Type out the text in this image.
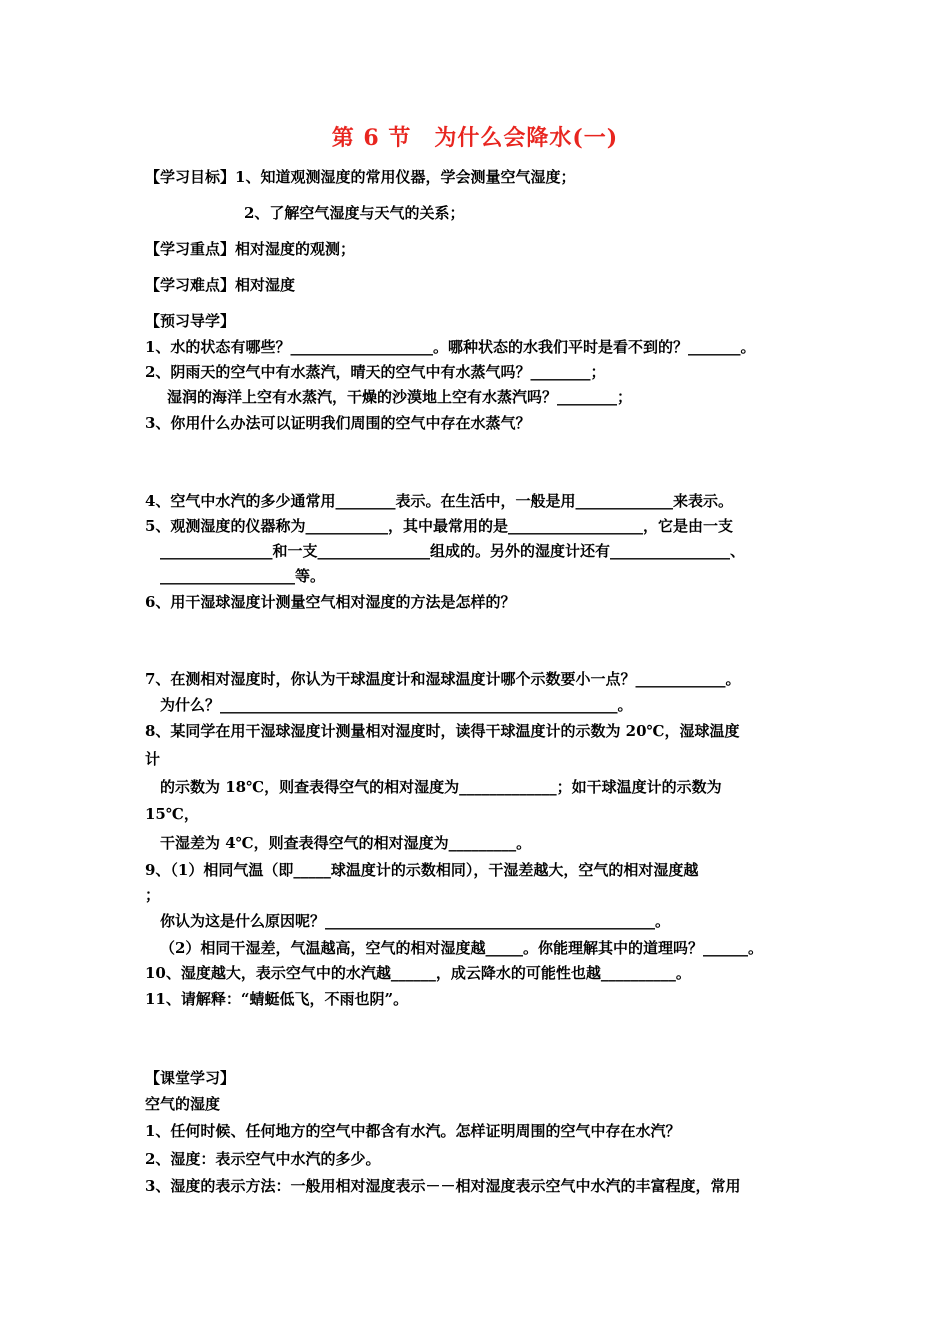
第 6 节　为什么会降水(一)
【学习目标】1、知道观测湿度的常用仪器，学会测量空气湿度；
2、了解空气湿度与天气的关系；
【学习重点】相对湿度的观测；
【学习难点】相对湿度
【预习导学】
1、水的状态有哪些？___________________。哪种状态的水我们平时是看不到的？_______。
2、阴雨天的空气中有水蒸汽，晴天的空气中有水蒸气吗？________；
湿润的海洋上空有水蒸汽，干燥的沙漠地上空有水蒸汽吗？________；
3、你用什么办法可以证明我们周围的空气中存在水蒸气？
4、空气中水汽的多少通常用________表示。在生活中，一般是用_____________来表示。
5、观测湿度的仪器称为___________，其中最常用的是__________________，它是由一支
_______________和一支_______________组成的。另外的湿度计还有________________、
__________________等。
6、用干湿球湿度计测量空气相对湿度的方法是怎样的？
7、在测相对湿度时，你认为干球温度计和湿球温度计哪个示数要小一点？____________。
为什么？_____________________________________________________。
8、某同学在用干湿球湿度计测量相对湿度时，读得干球温度计的示数为 20℃，湿球温度
计
的示数为 18℃，则查表得空气的相对湿度为_____________；如干球温度计的示数为
15℃，
干湿差为 4℃，则查表得空气的相对湿度为_________。
9、（1）相同气温（即_____球温度计的示数相同），干湿差越大，空气的相对湿度越
；
你认为这是什么原因呢？____________________________________________。
（2）相同干湿差，气温越高，空气的相对湿度越_____。你能理解其中的道理吗？______。
10、湿度越大，表示空气中的水汽越______，成云降水的可能性也越__________。
11、请解释：“蜻蜓低飞，不雨也阴”。
【课堂学习】
空气的湿度
1、任何时候、任何地方的空气中都含有水汽。怎样证明周围的空气中存在水汽？
2、湿度：表示空气中水汽的多少。
3、湿度的表示方法：一般用相对湿度表示－－相对湿度表示空气中水汽的丰富程度，常用
